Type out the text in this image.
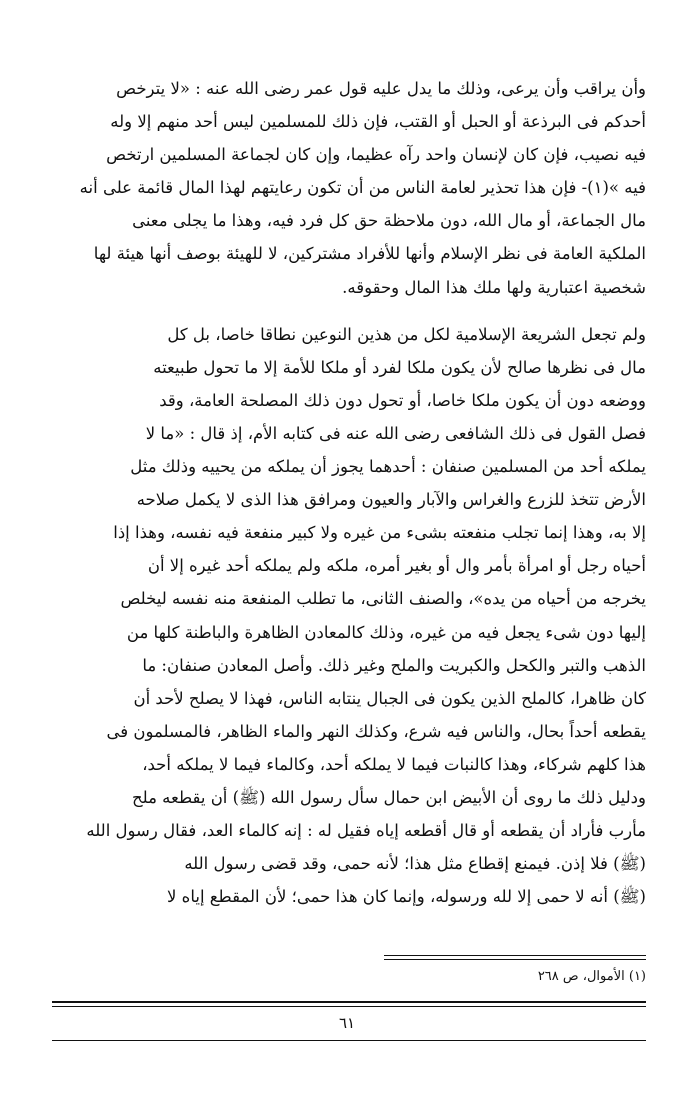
وأن يراقب وأن يرعى، وذلك ما يدل عليه قول عمر رضى الله عنه : «لا يترخص
أحدكم فى البرذعة أو الحبل أو القتب، فإن ذلك للمسلمين ليس أحد منهم إلا وله
فيه نصيب، فإن كان لإنسان واحد رآه عظيما، وإن كان لجماعة المسلمين ارتخص
فيه »(١)- فإن هذا تحذير لعامة الناس من أن تكون رعايتهم لهذا المال قائمة على أنه
مال الجماعة، أو مال الله، دون ملاحظة حق كل فرد فيه، وهذا ما يجلى معنى
الملكية العامة فى نظر الإسلام وأنها للأفراد مشتركين، لا للهيئة بوصف أنها هيئة لها
شخصية اعتبارية ولها ملك هذا المال وحقوقه.
ولم تجعل الشريعة الإسلامية لكل من هذين النوعين نطاقا خاصا، بل كل
مال فى نظرها صالح لأن يكون ملكا لفرد أو ملكا للأمة إلا ما تحول طبيعته
ووضعه دون أن يكون ملكا خاصا، أو تحول دون ذلك المصلحة العامة، وقد
فصل القول فى ذلك الشافعى رضى الله عنه فى كتابه الأم، إذ قال : «ما لا
يملكه أحد من المسلمين صنفان : أحدهما يجوز أن يملكه من يحييه وذلك مثل
الأرض تتخذ للزرع والغراس والآبار والعيون ومرافق هذا الذى لا يكمل صلاحه
إلا به، وهذا إنما تجلب منفعته بشىء من غيره ولا كبير منفعة فيه نفسه، وهذا إذا
أحياه رجل أو امرأة بأمر وال أو بغير أمره، ملكه ولم يملكه أحد غيره إلا أن
يخرجه من أحياه من يده»، والصنف الثانى، ما تطلب المنفعة منه نفسه ليخلص
إليها دون شىء يجعل فيه من غيره، وذلك كالمعادن الظاهرة والباطنة كلها من
الذهب والتبر والكحل والكبريت والملح وغير ذلك. وأصل المعادن صنفان: ما
كان ظاهرا، كالملح الذين يكون فى الجبال ينتابه الناس، فهذا لا يصلح لأحد أن
يقطعه أحداً بحال، والناس فيه شرع، وكذلك النهر والماء الظاهر، فالمسلمون فى
هذا كلهم شركاء، وهذا كالنبات فيما لا يملكه أحد، وكالماء فيما لا يملكه أحد،
ودليل ذلك ما روى أن الأبيض ابن حمال سأل رسول الله (ﷺ) أن يقطعه ملح
مأرب فأراد أن يقطعه أو قال أقطعه إياه فقيل له : إنه كالماء العد، فقال رسول الله
(ﷺ) فلا إذن. فيمنع إقطاع مثل هذا؛ لأنه حمى، وقد قضى رسول الله
(ﷺ) أنه لا حمى إلا لله ورسوله، وإنما كان هذا حمى؛ لأن المقطع إياه لا
(١) الأموال، ص ٢٦٨
٦١
